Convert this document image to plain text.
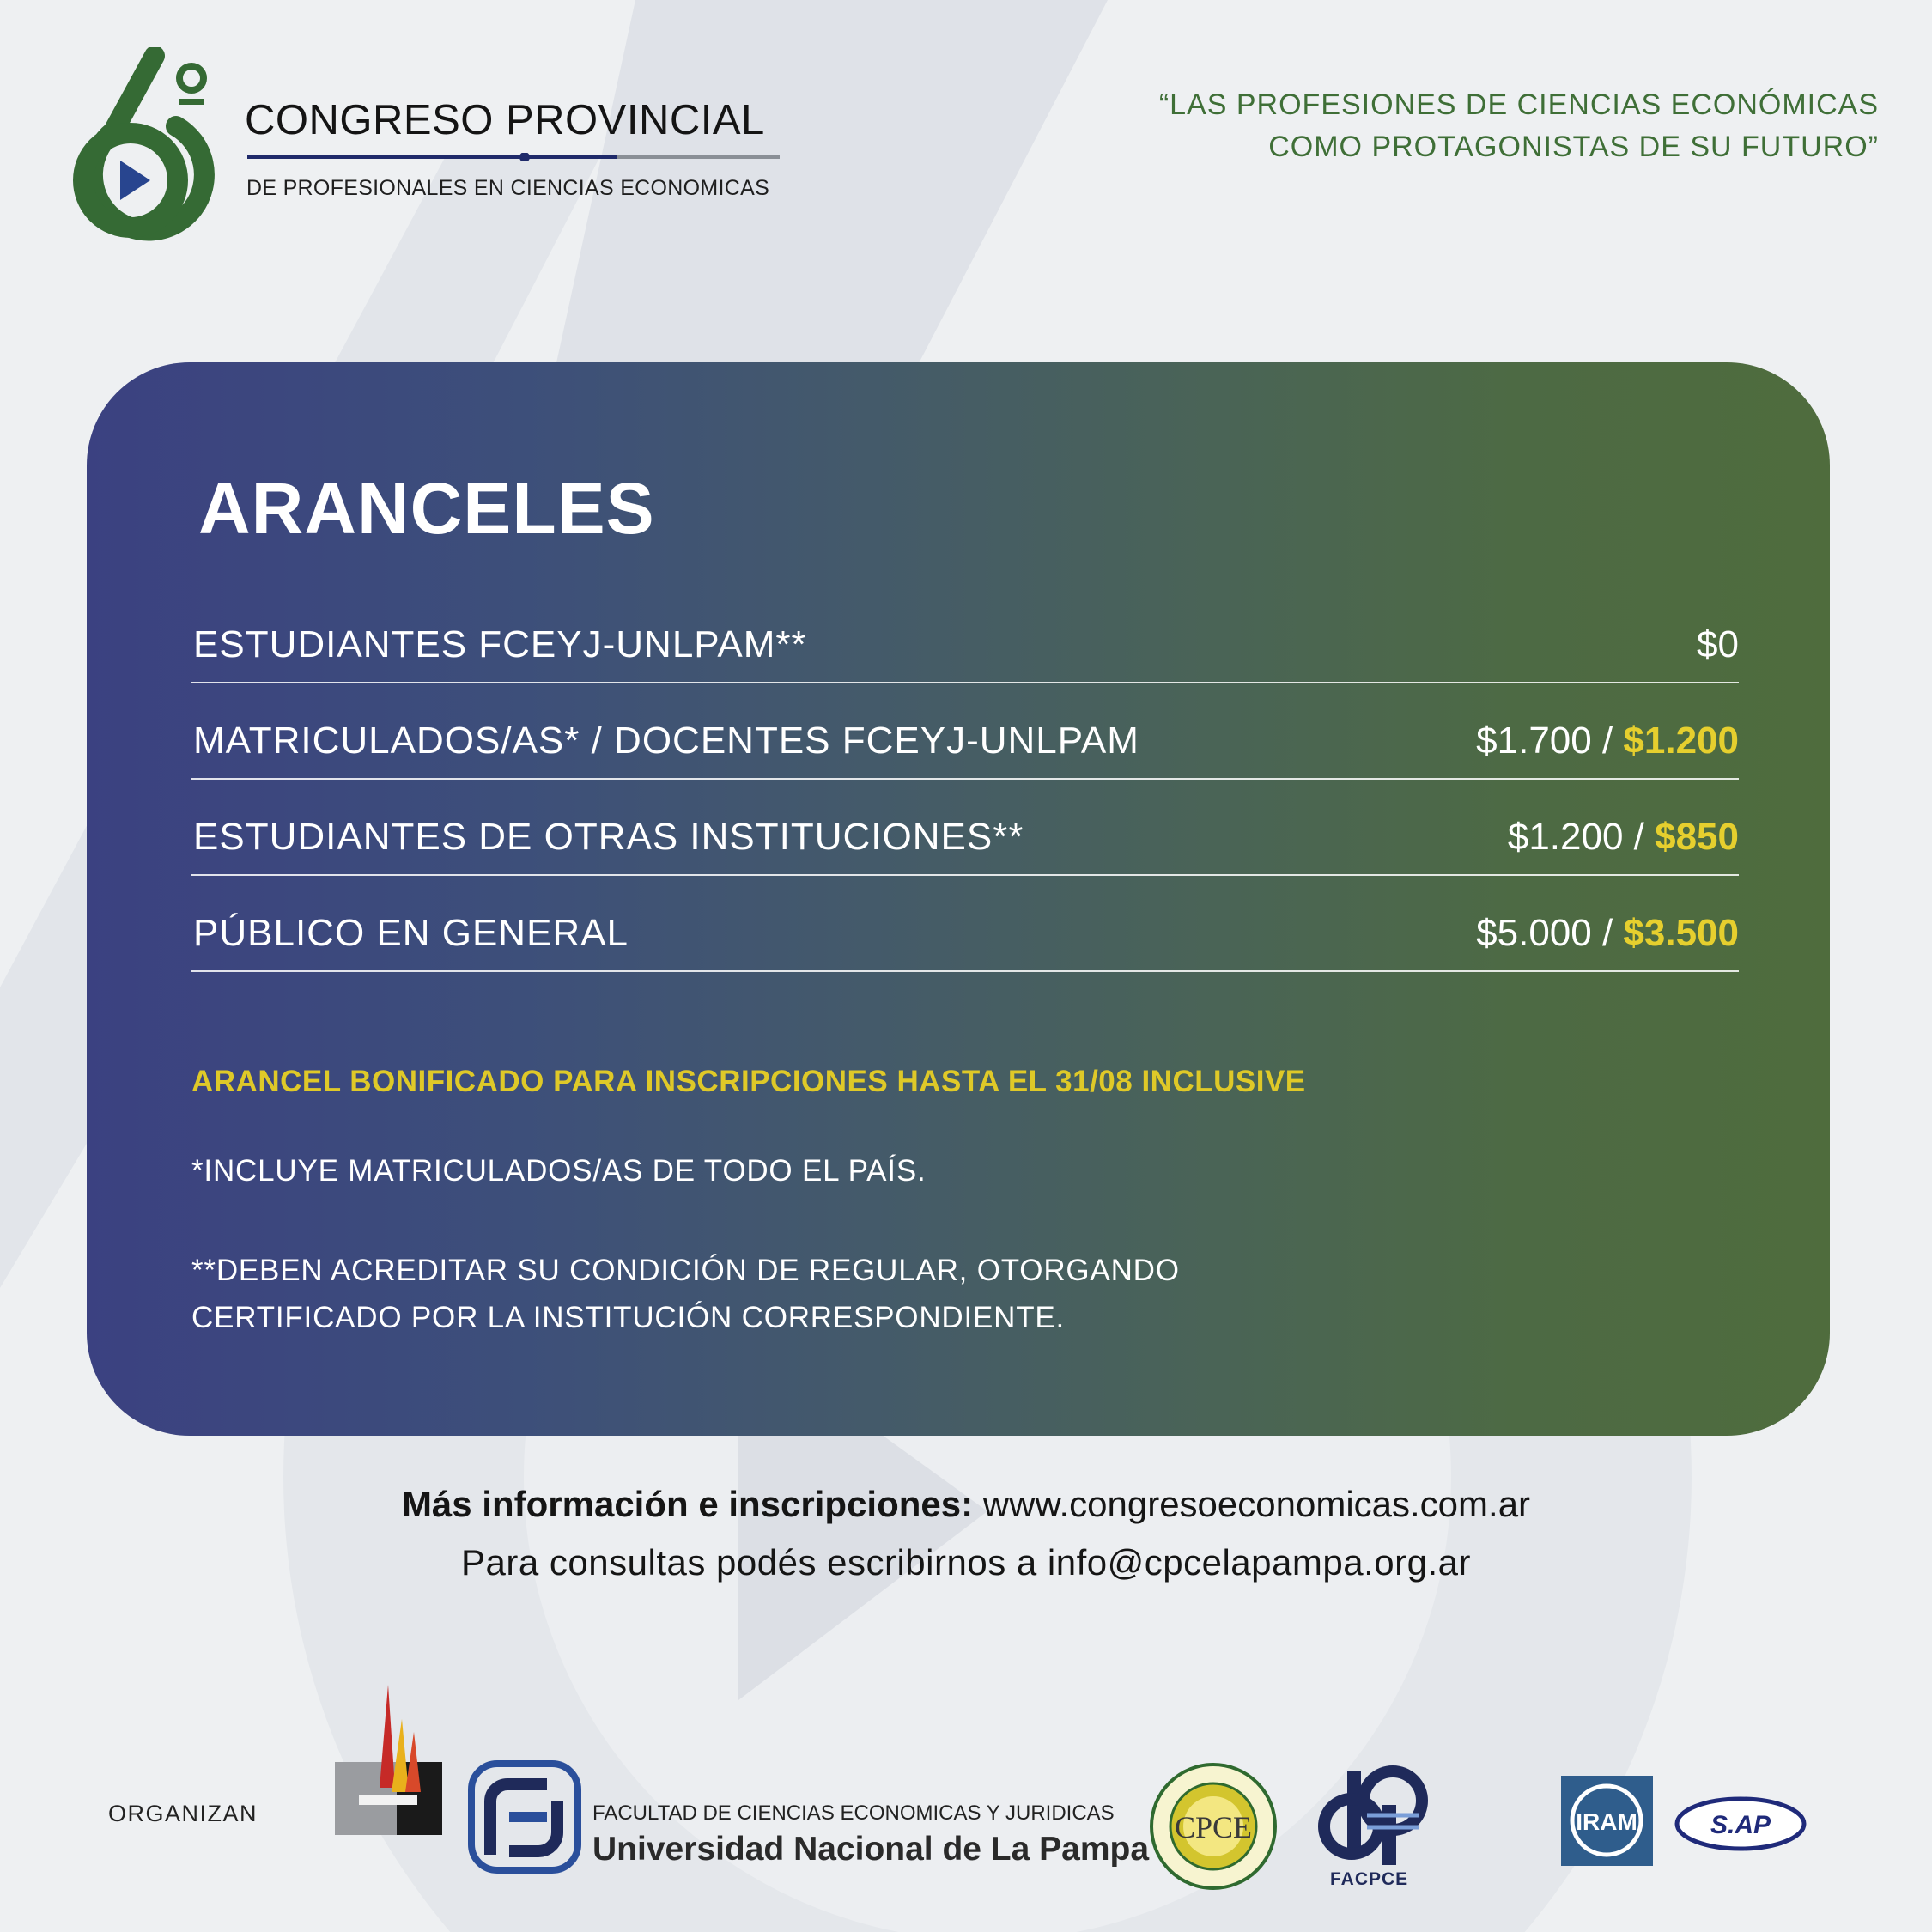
CONGRESO PROVINCIAL
DE PROFESIONALES EN CIENCIAS ECONOMICAS
“LAS PROFESIONES DE CIENCIAS ECONÓMICAS
COMO PROTAGONISTAS DE SU FUTURO”
ARANCELES
ESTUDIANTES FCEYJ-UNLPAM**	$0
MATRICULADOS/AS* / DOCENTES FCEYJ-UNLPAM	$1.700 / $1.200
ESTUDIANTES DE OTRAS INSTITUCIONES**	$1.200 / $850
PÚBLICO EN GENERAL	$5.000 / $3.500
ARANCEL BONIFICADO PARA INSCRIPCIONES HASTA EL 31/08 INCLUSIVE
*INCLUYE MATRICULADOS/AS DE TODO EL PAÍS.
**DEBEN ACREDITAR SU CONDICIÓN DE REGULAR, OTORGANDO
CERTIFICADO POR LA INSTITUCIÓN CORRESPONDIENTE.
Más información e inscripciones: www.congresoeconomicas.com.ar
Para consultas podés escribirnos a info@cpcelapampa.org.ar
ORGANIZAN	FACULTAD DE CIENCIAS ECONOMICAS Y JURIDICAS
Universidad Nacional de La Pampa
CPCE
FACPCE
IRAM	S.AP
